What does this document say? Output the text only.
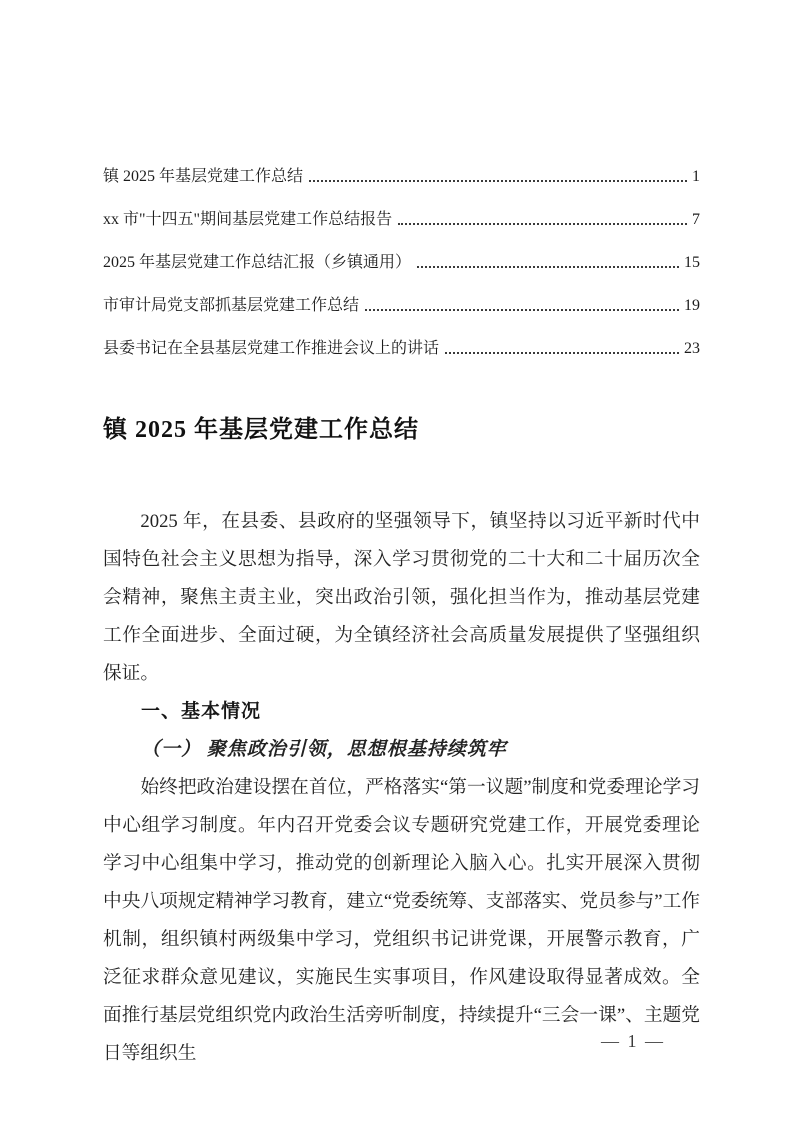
镇 2025 年基层党建工作总结	1
xx 市"十四五"期间基层党建工作总结报告	7
2025 年基层党建工作总结汇报（乡镇通用）	15
市审计局党支部抓基层党建工作总结	19
县委书记在全县基层党建工作推进会议上的讲话	23
镇 2025 年基层党建工作总结

2025 年，在县委、县政府的坚强领导下，镇坚持以习近平新时代中国特色社会主义思想为指导，深入学习贯彻党的二十大和二十届历次全会精神，聚焦主责主业，突出政治引领，强化担当作为，推动基层党建工作全面进步、全面过硬，为全镇经济社会高质量发展提供了坚强组织保证。

一、基本情况
（一） 聚焦政治引领，思想根基持续筑牢

始终把政治建设摆在首位，严格落实“第一议题”制度和党委理论学习中心组学习制度。年内召开党委会议专题研究党建工作，开展党委理论学习中心组集中学习，推动党的创新理论入脑入心。扎实开展深入贯彻中央八项规定精神学习教育，建立“党委统筹、支部落实、党员参与”工作机制，组织镇村两级集中学习，党组织书记讲党课，开展警示教育，广泛征求群众意见建议，实施民生实事项目，作风建设取得显著成效。全面推行基层党组织党内政治生活旁听制度，持续提升“三会一课”、主题党日等组织生

— 1 —
